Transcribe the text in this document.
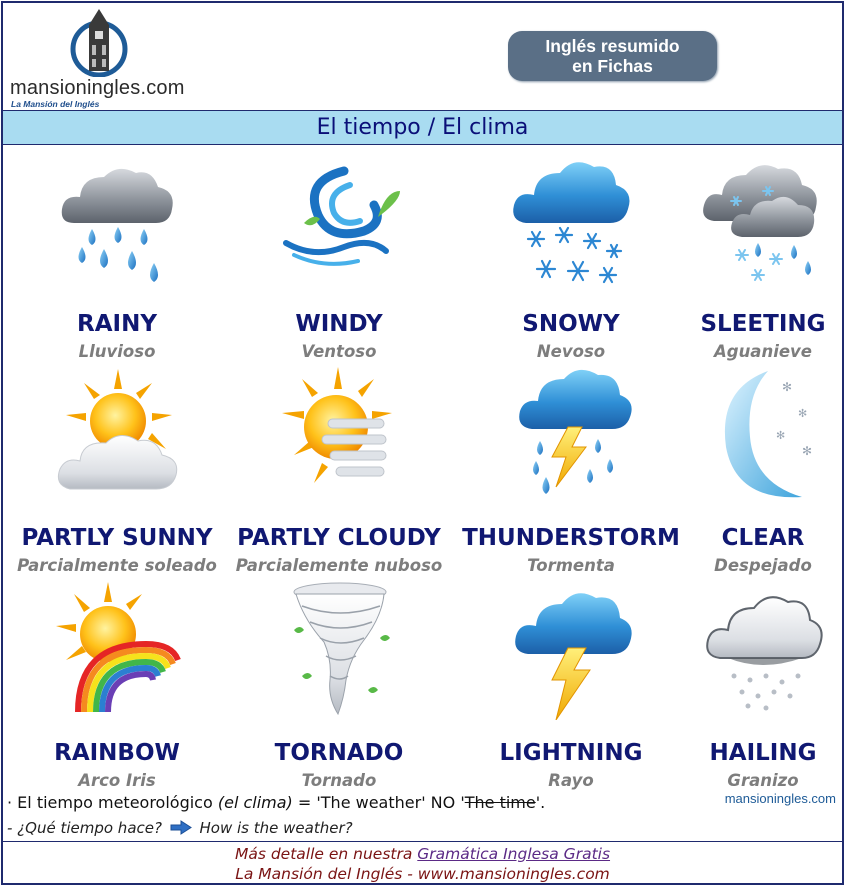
mansioningles.com
La Mansión del Inglés
Inglés resumido
en Fichas
El tiempo / El clima
RAINY
Lluvioso
WINDY
Ventoso
SNOWY
Nevoso
SLEETING
Aguanieve
PARTLY SUNNY
Parcialmente soleado
PARTLY CLOUDY
Parcialemente nuboso
THUNDERSTORM
Tormenta
✻
✻
✻
✻
CLEAR
Despejado
RAINBOW
Arco Iris
TORNADO
Tornado
LIGHTNING
Rayo
HAILING
Granizo
· El tiempo meteorológico (el clima) = 'The weather' NO 'The time'.	mansioningles.com
- ¿Qué tiempo hace?	How is the weather?
Más detalle en nuestra Gramática Inglesa Gratis
La Mansión del Inglés - www.mansioningles.com
